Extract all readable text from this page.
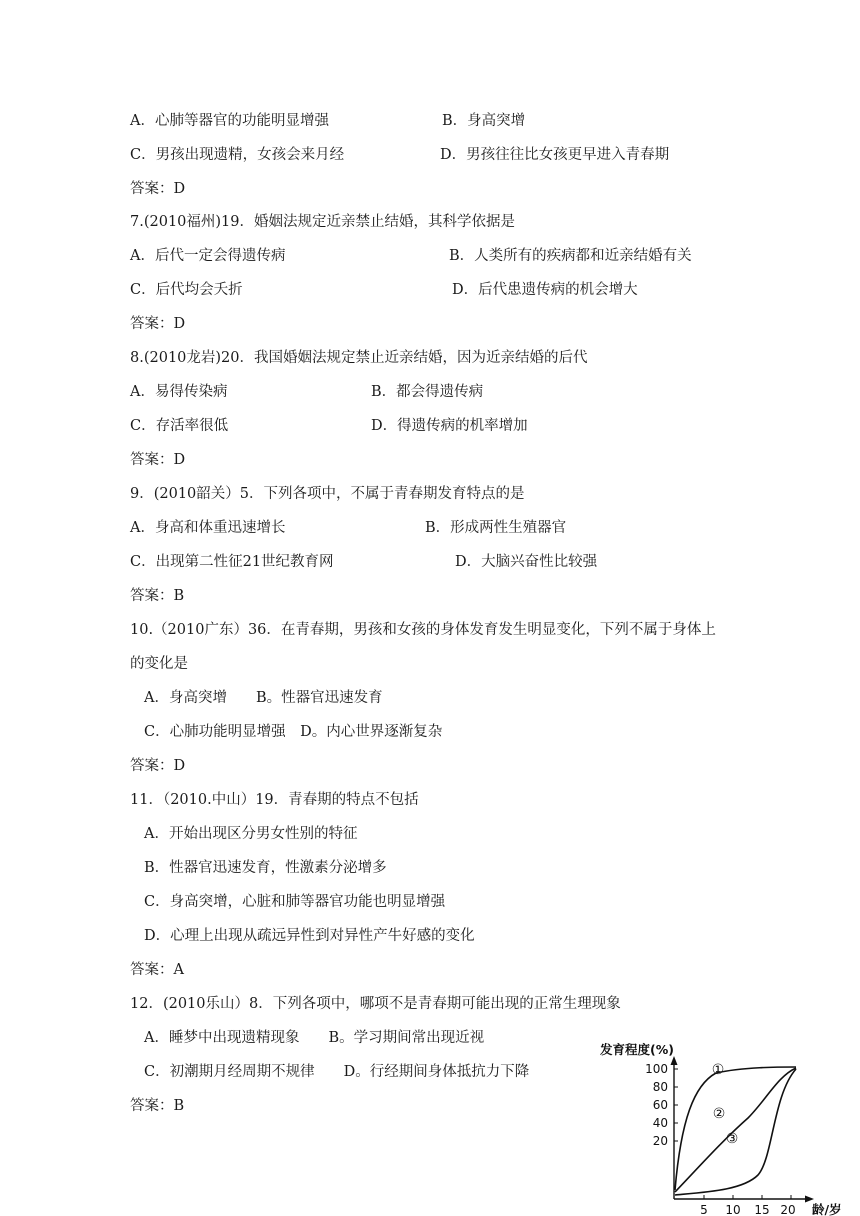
A．心肺等器官的功能明显增强	B．身高突增
C．男孩出现遗精，女孩会来月经	D．男孩往往比女孩更早进入青春期
答案：D
7.(2010福州)19．婚姻法规定近亲禁止结婚，其科学依据是
A．后代一定会得遗传病	B．人类所有的疾病都和近亲结婚有关
C．后代均会夭折	D．后代患遗传病的机会增大
答案：D
8.(2010龙岩)20．我国婚姻法规定禁止近亲结婚，因为近亲结婚的后代
A．易得传染病	B．都会得遗传病
C．存活率很低	D．得遗传病的机率增加
答案：D
9．(2010韶关）5．下列各项中，不属于青春期发育特点的是
A．身高和体重迅速增长	B．形成两性生殖器官
C．出现第二性征21世纪教育网	D．大脑兴奋性比较强
答案：B
10.（2010广东）36．在青春期，男孩和女孩的身体发育发生明显变化，下列不属于身体上
的变化是
A．身高突增　　B。性器官迅速发育
C．心肺功能明显增强　D。内心世界逐渐复杂
答案：D
11．（2010.中山）19．青春期的特点不包括
A．开始出现区分男女性别的特征
B．性器官迅速发育，性激素分泌增多
C．身高突增，心脏和肺等器官功能也明显增强
D．心理上出现从疏远异性到对异性产牛好感的变化
答案：A
12．(2010乐山）8．下列各项中，哪项不是青春期可能出现的正常生理现象
A．睡梦中出现遗精现象　　B。学习期间常出现近视
C．初潮期月经周期不规律　　D。行经期间身体抵抗力下降
答案：B
发育程度(%)
100
80
60
40
20
5 10 15 20 龄/岁
①
②
③
